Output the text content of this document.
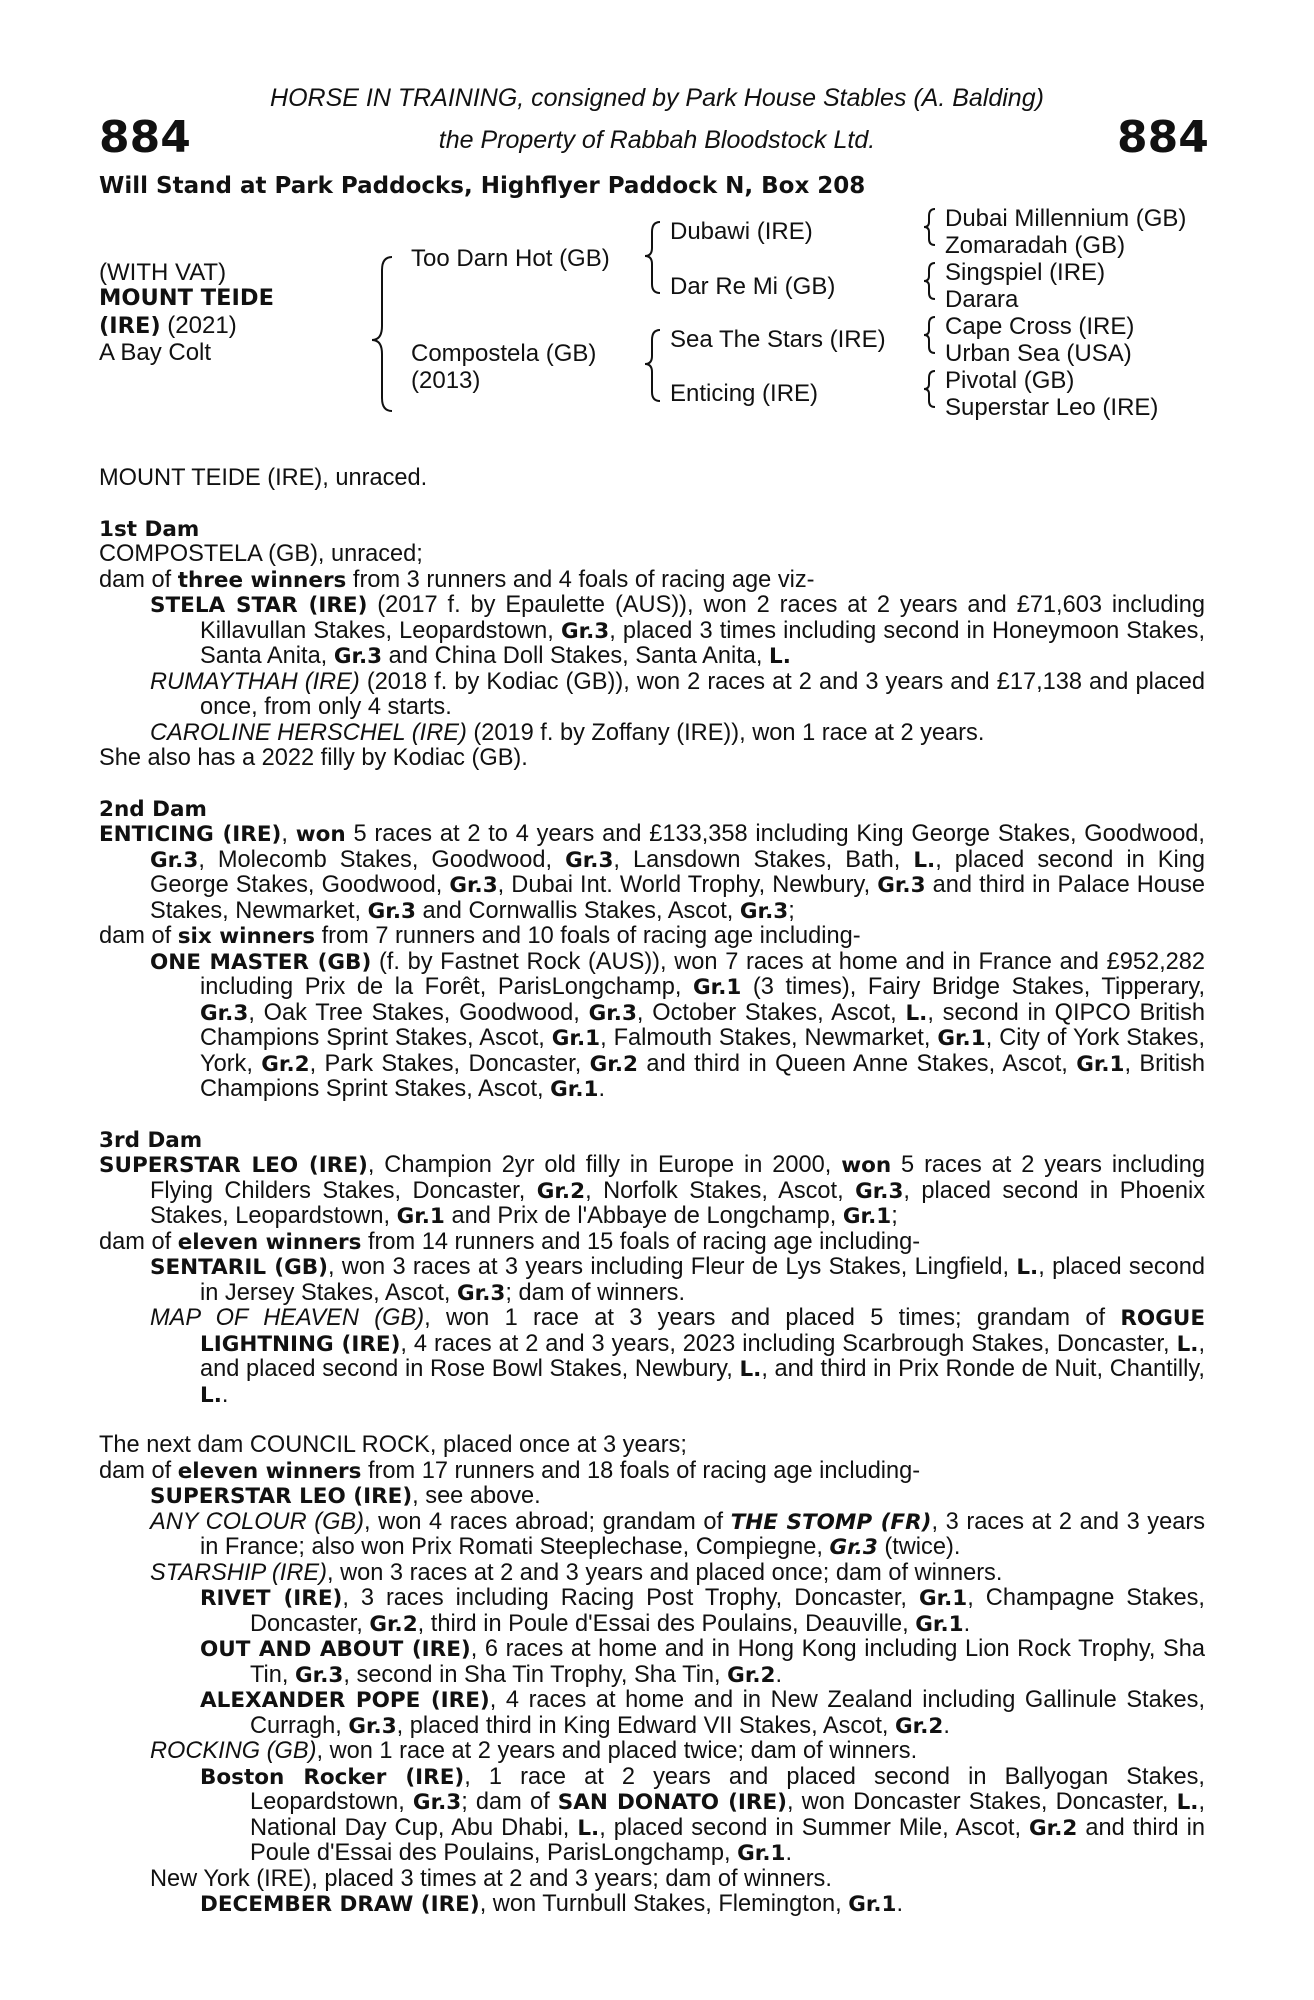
884	884
HORSE IN TRAINING, consigned by Park House Stables (A. Balding)
the Property of Rabbah Bloodstock Ltd.
Will Stand at Park Paddocks, Highflyer Paddock N, Box 208
(WITH VAT)
MOUNT TEIDE
(IRE) (2021)
A Bay Colt
Too Darn Hot (GB)
Compostela (GB)
(2013)
Dubawi (IRE)
Dar Re Mi (GB)
Sea The Stars (IRE)
Enticing (IRE)
Dubai Millennium (GB)
Zomaradah (GB)
Singspiel (IRE)
Darara
Cape Cross (IRE)
Urban Sea (USA)
Pivotal (GB)
Superstar Leo (IRE)
MOUNT TEIDE (IRE), unraced.
1st Dam
COMPOSTELA (GB), unraced;
dam of three winners from 3 runners and 4 foals of racing age viz-
STELA STAR (IRE) (2017 f. by Epaulette (AUS)), won 2 races at 2 years and £71,603 including Killavullan Stakes, Leopardstown, Gr.3, placed 3 times including second in Honeymoon Stakes, Santa Anita, Gr.3 and China Doll Stakes, Santa Anita, L.
RUMAYTHAH (IRE) (2018 f. by Kodiac (GB)), won 2 races at 2 and 3 years and £17,138 and placed once, from only 4 starts.
CAROLINE HERSCHEL (IRE) (2019 f. by Zoffany (IRE)), won 1 race at 2 years.
She also has a 2022 filly by Kodiac (GB).
2nd Dam
ENTICING (IRE), won 5 races at 2 to 4 years and £133,358 including King George Stakes, Goodwood, Gr.3, Molecomb Stakes, Goodwood, Gr.3, Lansdown Stakes, Bath, L., placed second in King George Stakes, Goodwood, Gr.3, Dubai Int. World Trophy, Newbury, Gr.3 and third in Palace House Stakes, Newmarket, Gr.3 and Cornwallis Stakes, Ascot, Gr.3;
dam of six winners from 7 runners and 10 foals of racing age including-
ONE MASTER (GB) (f. by Fastnet Rock (AUS)), won 7 races at home and in France and £952,282 including Prix de la Forêt, ParisLongchamp, Gr.1 (3 times), Fairy Bridge Stakes, Tipperary, Gr.3, Oak Tree Stakes, Goodwood, Gr.3, October Stakes, Ascot, L., second in QIPCO British Champions Sprint Stakes, Ascot, Gr.1, Falmouth Stakes, Newmarket, Gr.1, City of York Stakes, York, Gr.2, Park Stakes, Doncaster, Gr.2 and third in Queen Anne Stakes, Ascot, Gr.1, British Champions Sprint Stakes, Ascot, Gr.1.
3rd Dam
SUPERSTAR LEO (IRE), Champion 2yr old filly in Europe in 2000, won 5 races at 2 years including Flying Childers Stakes, Doncaster, Gr.2, Norfolk Stakes, Ascot, Gr.3, placed second in Phoenix Stakes, Leopardstown, Gr.1 and Prix de l'Abbaye de Longchamp, Gr.1;
dam of eleven winners from 14 runners and 15 foals of racing age including-
SENTARIL (GB), won 3 races at 3 years including Fleur de Lys Stakes, Lingfield, L., placed second in Jersey Stakes, Ascot, Gr.3; dam of winners.
MAP OF HEAVEN (GB), won 1 race at 3 years and placed 5 times; grandam of ROGUE LIGHTNING (IRE), 4 races at 2 and 3 years, 2023 including Scarbrough Stakes, Doncaster, L., and placed second in Rose Bowl Stakes, Newbury, L., and third in Prix Ronde de Nuit, Chantilly, L..
The next dam COUNCIL ROCK, placed once at 3 years;
dam of eleven winners from 17 runners and 18 foals of racing age including-
SUPERSTAR LEO (IRE), see above.
ANY COLOUR (GB), won 4 races abroad; grandam of THE STOMP (FR), 3 races at 2 and 3 years in France; also won Prix Romati Steeplechase, Compiegne, Gr.3 (twice).
STARSHIP (IRE), won 3 races at 2 and 3 years and placed once; dam of winners.
RIVET (IRE), 3 races including Racing Post Trophy, Doncaster, Gr.1, Champagne Stakes, Doncaster, Gr.2, third in Poule d'Essai des Poulains, Deauville, Gr.1.
OUT AND ABOUT (IRE), 6 races at home and in Hong Kong including Lion Rock Trophy, Sha Tin, Gr.3, second in Sha Tin Trophy, Sha Tin, Gr.2.
ALEXANDER POPE (IRE), 4 races at home and in New Zealand including Gallinule Stakes, Curragh, Gr.3, placed third in King Edward VII Stakes, Ascot, Gr.2.
ROCKING (GB), won 1 race at 2 years and placed twice; dam of winners.
Boston Rocker (IRE), 1 race at 2 years and placed second in Ballyogan Stakes, Leopardstown, Gr.3; dam of SAN DONATO (IRE), won Doncaster Stakes, Doncaster, L., National Day Cup, Abu Dhabi, L., placed second in Summer Mile, Ascot, Gr.2 and third in Poule d'Essai des Poulains, ParisLongchamp, Gr.1.
New York (IRE), placed 3 times at 2 and 3 years; dam of winners.
DECEMBER DRAW (IRE), won Turnbull Stakes, Flemington, Gr.1.
